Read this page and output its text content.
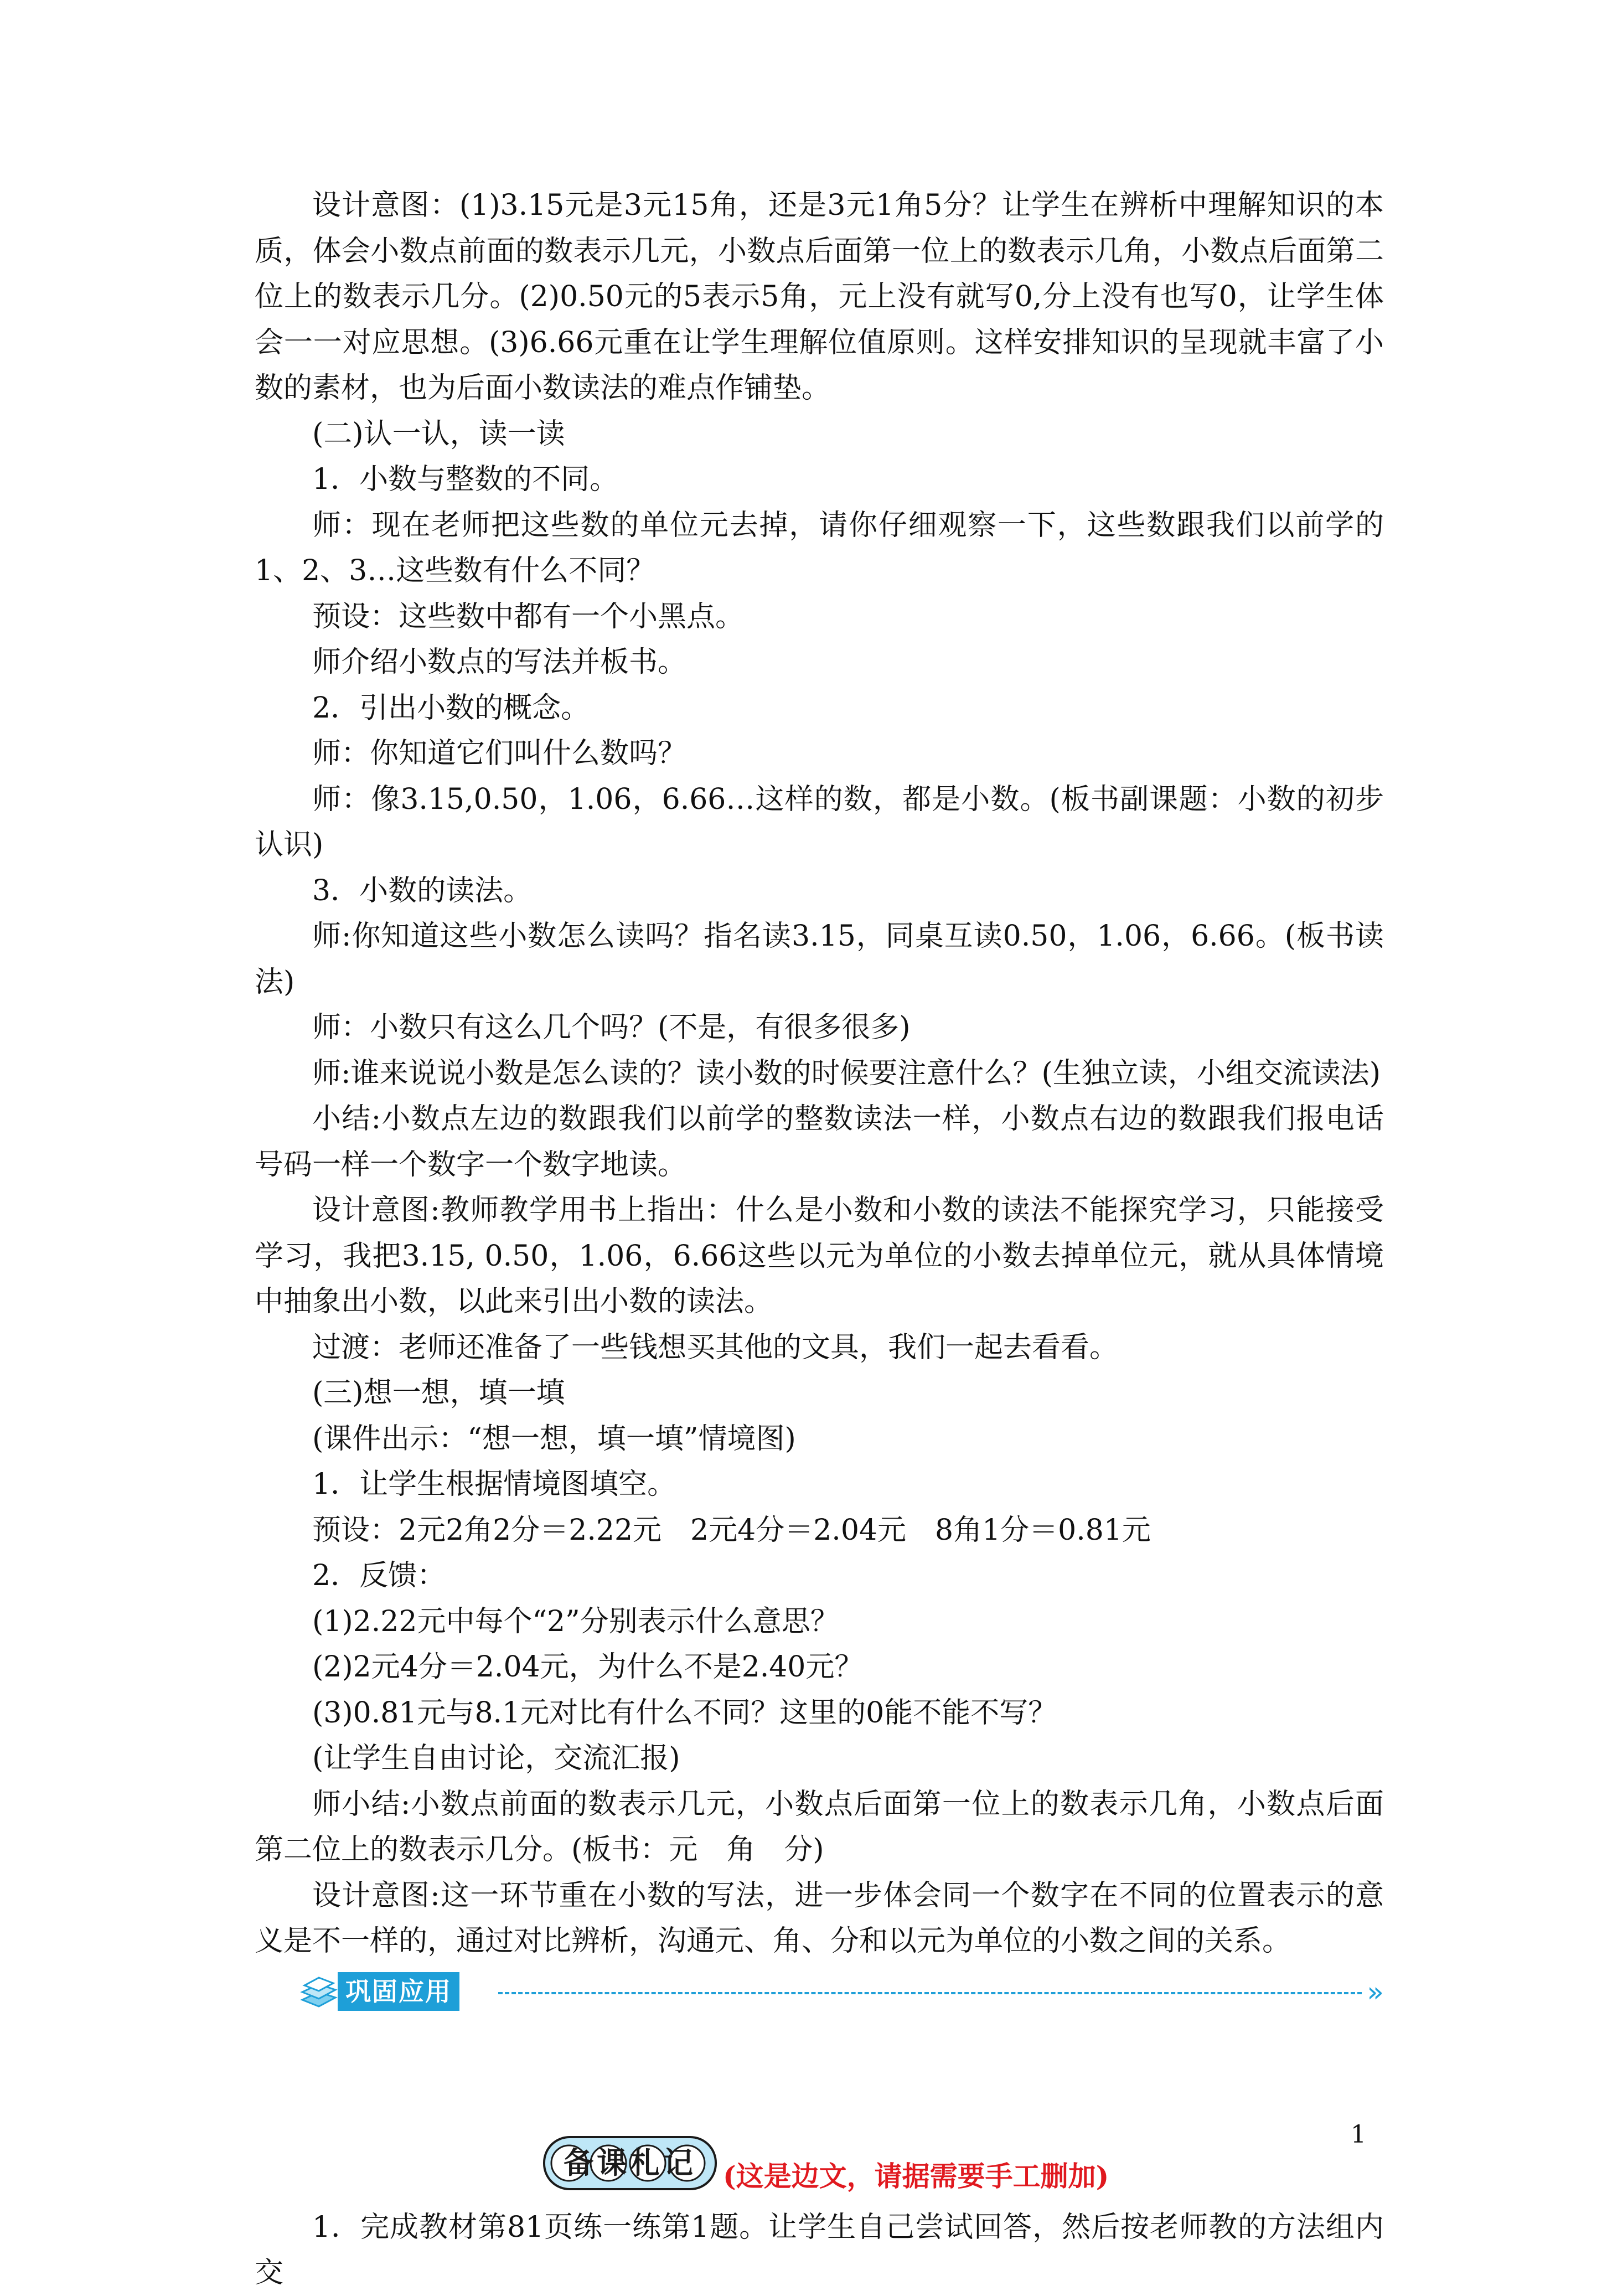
设计意图：(1)3.15元是3元15角，还是3元1角5分？让学生在辨析中理解知识的本质，体会小数点前面的数表示几元，小数点后面第一位上的数表示几角，小数点后面第二位上的数表示几分。(2)0.50元的5表示5角，元上没有就写0,分上没有也写0，让学生体会一一对应思想。(3)6.66元重在让学生理解位值原则。这样安排知识的呈现就丰富了小数的素材，也为后面小数读法的难点作铺垫。

(二)认一认，读一读

1．小数与整数的不同。

师：现在老师把这些数的单位元去掉，请你仔细观察一下，这些数跟我们以前学的1、2、3…这些数有什么不同？

预设：这些数中都有一个小黑点。

师介绍小数点的写法并板书。

2．引出小数的概念。

师：你知道它们叫什么数吗？

师：像3.15,0.50，1.06，6.66…这样的数，都是小数。(板书副课题：小数的初步认识)

3．小数的读法。

师:你知道这些小数怎么读吗？指名读3.15，同桌互读0.50，1.06，6.66。(板书读法)

师：小数只有这么几个吗？(不是，有很多很多)

师:谁来说说小数是怎么读的？读小数的时候要注意什么？(生独立读，小组交流读法)

小结:小数点左边的数跟我们以前学的整数读法一样，小数点右边的数跟我们报电话号码一样一个数字一个数字地读。

设计意图:教师教学用书上指出：什么是小数和小数的读法不能探究学习，只能接受学习，我把3.15, 0.50，1.06，6.66这些以元为单位的小数去掉单位元，就从具体情境中抽象出小数，以此来引出小数的读法。

过渡：老师还准备了一些钱想买其他的文具，我们一起去看看。

(三)想一想，填一填

(课件出示：“想一想，填一填”情境图)

1．让学生根据情境图填空。

预设：2元2角2分＝2.22元　2元4分＝2.04元　8角1分＝0.81元

2．反馈：

(1)2.22元中每个“2”分别表示什么意思？

(2)2元4分＝2.04元，为什么不是2.40元？

(3)0.81元与8.1元对比有什么不同？这里的0能不能不写？

(让学生自由讨论，交流汇报)

师小结:小数点前面的数表示几元，小数点后面第一位上的数表示几角，小数点后面第二位上的数表示几分。(板书：元　角　分)

设计意图:这一环节重在小数的写法，进一步体会同一个数字在不同的位置表示的意义是不一样的，通过对比辨析，沟通元、角、分和以元为单位的小数之间的关系。

巩固应用	»
备课札记 (这是边文，请据需要手工删加)

1．完成教材第81页练一练第1题。让学生自己尝试回答，然后按老师教的方法组内交

1
